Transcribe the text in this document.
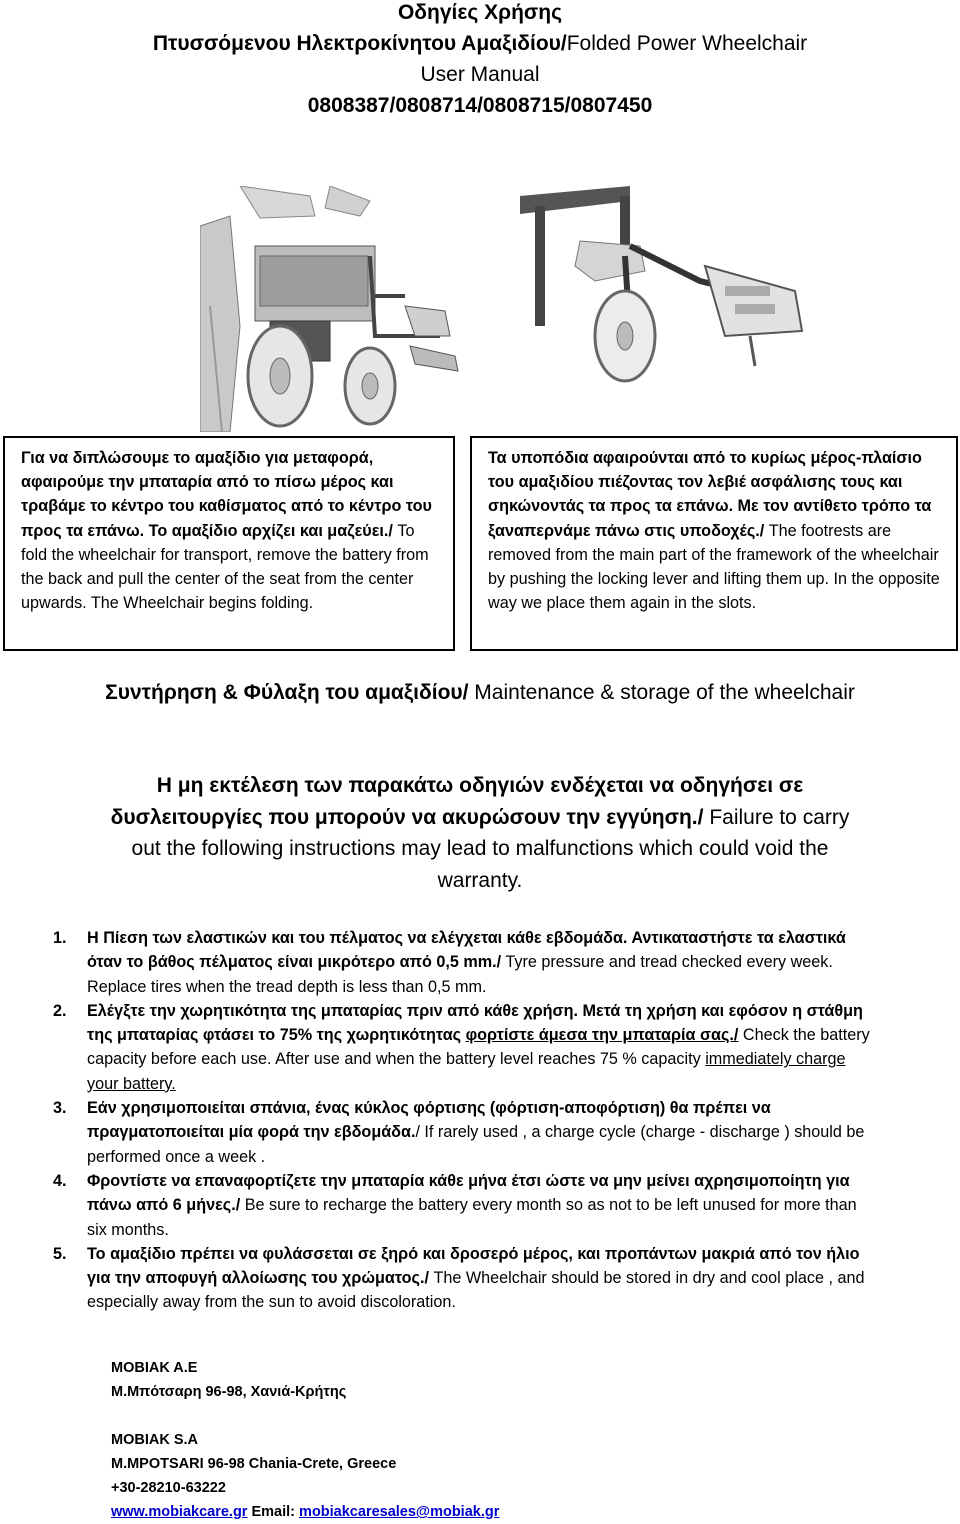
Οδηγίες Χρήσης
Πτυσσόμενου Ηλεκτροκίνητου Αμαξιδίου/Folded Power Wheelchair
User Manual
0808387/0808714/0808715/0807450
Για να διπλώσουμε το αμαξίδιο για μεταφορά, αφαιρούμε την μπαταρία από το πίσω μέρος και τραβάμε το κέντρο του καθίσματος από το κέντρο του προς τα επάνω. Το αμαξίδιο αρχίζει και μαζεύει./ To fold the wheelchair for transport, remove the battery from the back and pull the center of the seat from the center upwards. The Wheelchair begins folding.
Τα υποπόδια αφαιρούνται από το κυρίως μέρος-πλαίσιο του αμαξιδίου πιέζοντας τον λεβιέ ασφάλισης τους και σηκώνοντάς τα προς τα επάνω. Με τον αντίθετο τρόπο τα ξαναπερνάμε πάνω στις υποδοχές./ The footrests are removed from the main part of the framework of the wheelchair by pushing the locking lever and lifting them up. In the opposite way we place them again in the slots.
Συντήρηση & Φύλαξη του αμαξιδίου/ Maintenance & storage of the wheelchair
Η μη εκτέλεση των παρακάτω οδηγιών ενδέχεται να οδηγήσει σε δυσλειτουργίες που μπορούν να ακυρώσουν την εγγύηση./ Failure to carry out the following instructions may lead to malfunctions which could void the warranty.
1. Η Πίεση των ελαστικών και του πέλματος να ελέγχεται κάθε εβδομάδα. Αντικαταστήστε τα ελαστικά όταν το βάθος πέλματος είναι μικρότερο από 0,5 mm./ Tyre pressure and tread checked every week. Replace tires when the tread depth is less than 0,5 mm.
2. Ελέγξτε την χωρητικότητα της μπαταρίας πριν από κάθε χρήση. Μετά τη χρήση και εφόσον η στάθμη της μπαταρίας φτάσει το 75% της χωρητικότητας φορτίστε άμεσα την μπαταρία σας./ Check the battery capacity before each use. After use and when the battery level reaches 75 % capacity immediately charge your battery.
3. Εάν χρησιμοποιείται σπάνια, ένας κύκλος φόρτισης (φόρτιση-αποφόρτιση) θα πρέπει να πραγματοποιείται μία φορά την εβδομάδα./ If rarely used , a charge cycle (charge - discharge ) should be performed once a week .
4. Φροντίστε να επαναφορτίζετε την μπαταρία κάθε μήνα έτσι ώστε να μην μείνει αχρησιμοποίητη για πάνω από 6 μήνες./ Be sure to recharge the battery every month so as not to be left unused for more than six months.
5. Το αμαξίδιο πρέπει να φυλάσσεται σε ξηρό και δροσερό μέρος, και προπάντων μακριά από τον ήλιο για την αποφυγή αλλοίωσης του χρώματος./ The Wheelchair should be stored in dry and cool place , and especially away from the sun to avoid discoloration.
MOBIAK A.E
Μ.Μπότσαρη 96-98, Χανιά-Κρήτης
MOBIAK S.A
M.MPOTSARI 96-98 Chania-Crete, Greece
+30-28210-63222
www.mobiakcare.gr Email: mobiakcaresales@mobiak.gr
